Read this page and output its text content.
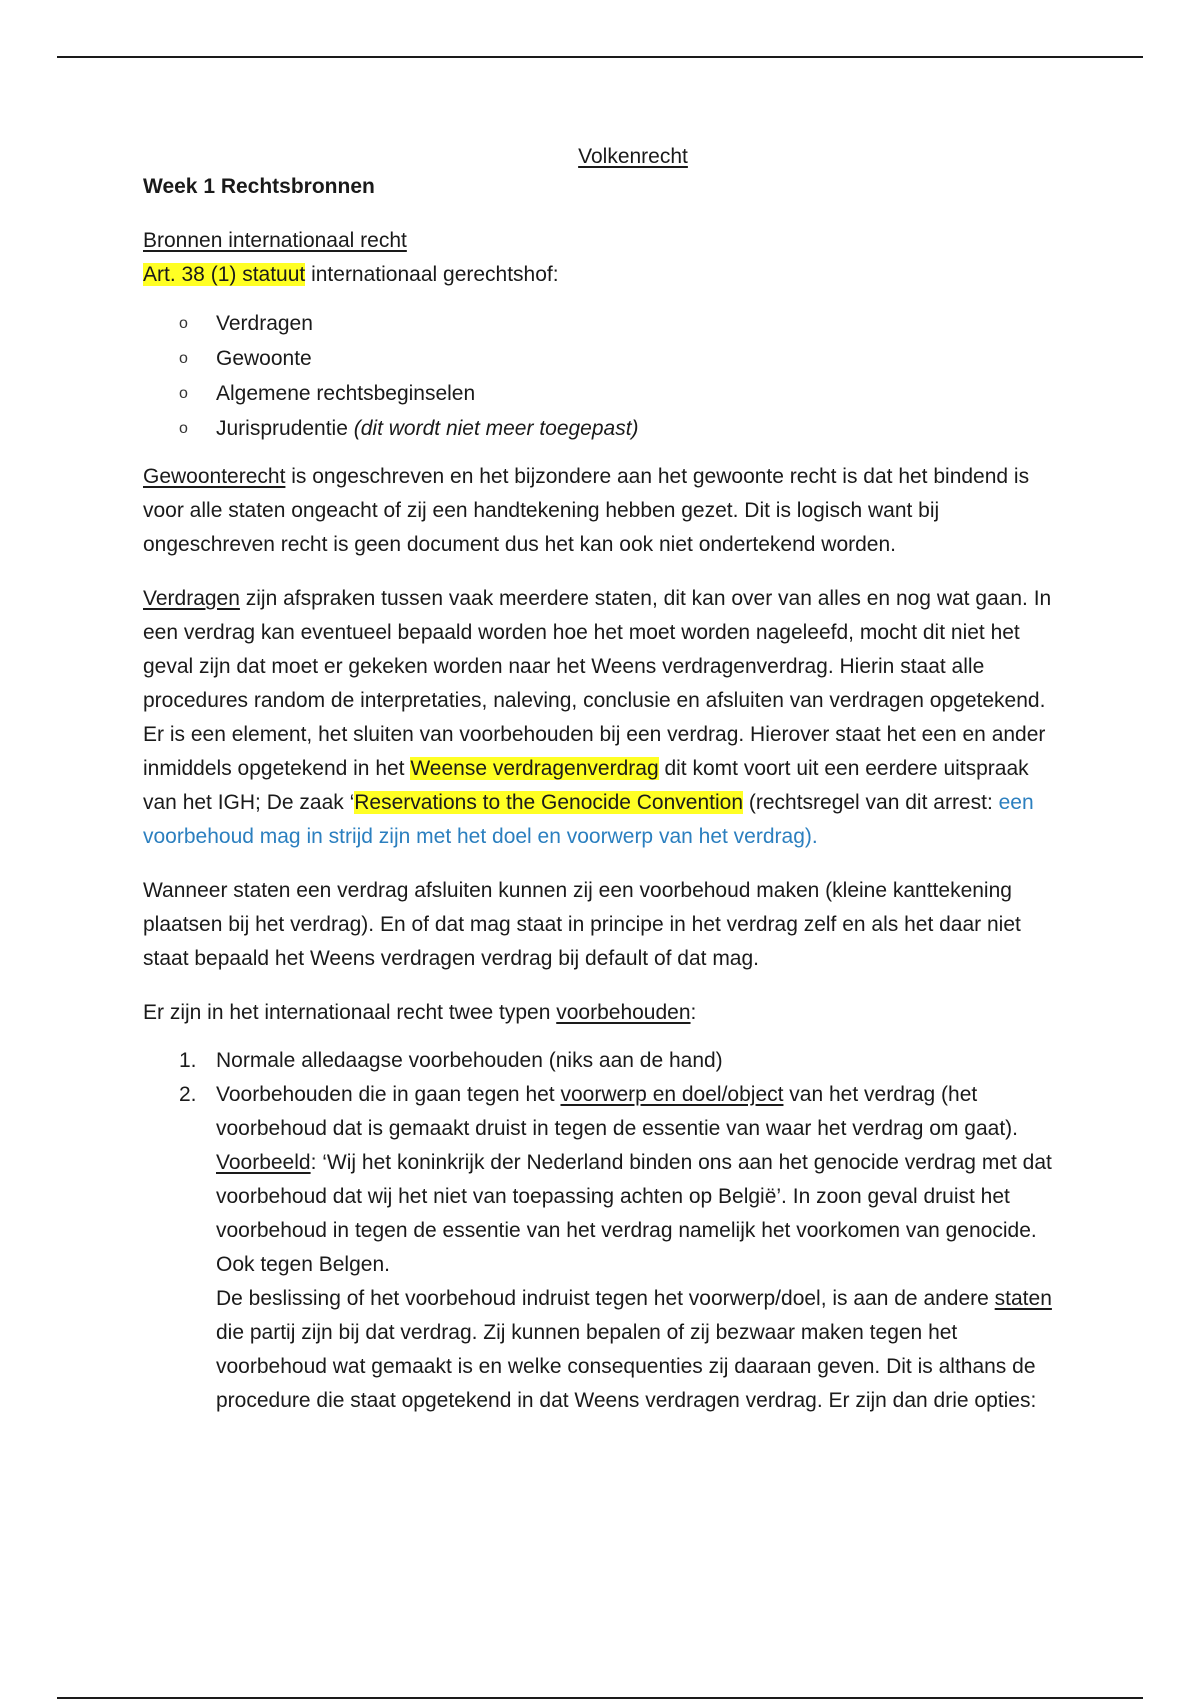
Volkenrecht

Week 1 Rechtsbronnen

Bronnen internationaal recht

Art. 38 (1) statuut internationaal gerechtshof:

o Verdragen
o Gewoonte
o Algemene rechtsbeginselen
o Jurisprudentie (dit wordt niet meer toegepast)

Gewoonterecht is ongeschreven en het bijzondere aan het gewoonte recht is dat het bindend is voor alle staten ongeacht of zij een handtekening hebben gezet. Dit is logisch want bij ongeschreven recht is geen document dus het kan ook niet ondertekend worden.

Verdragen zijn afspraken tussen vaak meerdere staten, dit kan over van alles en nog wat gaan. In een verdrag kan eventueel bepaald worden hoe het moet worden nageleefd, mocht dit niet het geval zijn dat moet er gekeken worden naar het Weens verdragenverdrag. Hierin staat alle procedures random de interpretaties, naleving, conclusie en afsluiten van verdragen opgetekend. Er is een element, het sluiten van voorbehouden bij een verdrag. Hierover staat het een en ander inmiddels opgetekend in het Weense verdragenverdrag dit komt voort uit een eerdere uitspraak van het IGH; De zaak ‘Reservations to the Genocide Convention (rechtsregel van dit arrest: een voorbehoud mag in strijd zijn met het doel en voorwerp van het verdrag).

Wanneer staten een verdrag afsluiten kunnen zij een voorbehoud maken (kleine kanttekening plaatsen bij het verdrag). En of dat mag staat in principe in het verdrag zelf en als het daar niet staat bepaald het Weens verdragen verdrag bij default of dat mag.

Er zijn in het internationaal recht twee typen voorbehouden:

1. Normale alledaagse voorbehouden (niks aan de hand)
2. Voorbehouden die in gaan tegen het voorwerp en doel/object van het verdrag (het voorbehoud dat is gemaakt druist in tegen de essentie van waar het verdrag om gaat).
Voorbeeld: ‘Wij het koninkrijk der Nederland binden ons aan het genocide verdrag met dat voorbehoud dat wij het niet van toepassing achten op België’. In zoon geval druist het voorbehoud in tegen de essentie van het verdrag namelijk het voorkomen van genocide. Ook tegen Belgen.
De beslissing of het voorbehoud indruist tegen het voorwerp/doel, is aan de andere staten die partij zijn bij dat verdrag. Zij kunnen bepalen of zij bezwaar maken tegen het voorbehoud wat gemaakt is en welke consequenties zij daaraan geven. Dit is althans de procedure die staat opgetekend in dat Weens verdragen verdrag. Er zijn dan drie opties:
